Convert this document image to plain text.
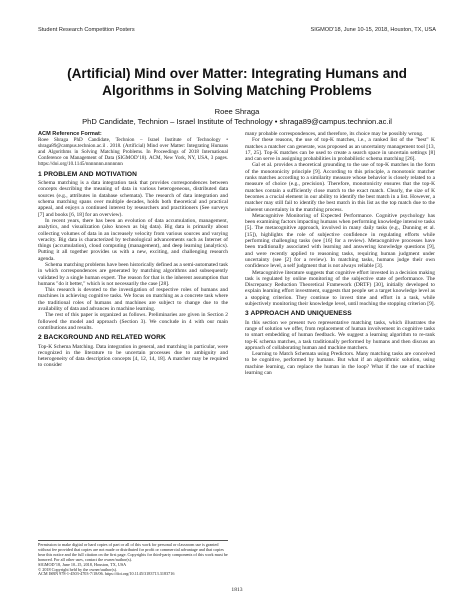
Student Research Competition Posters	SIGMOD’18, June 10-15, 2018, Houston, TX, USA
(Artificial) Mind over Matter: Integrating Humans and Algorithms in Solving Matching Problems
Roee Shraga
PhD Candidate, Technion – Israel Institute of Technology • shraga89@campus.technion.ac.il
ACM Reference Format:
Roee Shraga PhD Candidate, Technion – Israel Institute of Technology • shraga89@campus.technion.ac.il . 2018. (Artificial) Mind over Matter: Integrating Humans and Algorithms in Solving Matching Problems. In Proceedings of 2018 International Conference on Management of Data (SIGMOD’18). ACM, New York, NY, USA, 3 pages. https://doi.org/10.1145/nnnnnnn.nnnnnnn
1 PROBLEM AND MOTIVATION

Schema matching is a data integration task that provides correspondences between concepts describing the meaning of data in various heterogeneous, distributed data sources (e.g., attributes in database schemata). The research of data integration and schema matching spans over multiple decades, holds both theoretical and practical appeal, and enjoys a continued interest by researchers and practitioners (See surveys [7] and books [6, 18] for an overview).

In recent years, there has been an evolution of data accumulation, management, analytics, and visualization (also known as big data). Big data is primarily about collecting volumes of data in an increasely velocity from various sources and varying veracity. Big data is characterized by technological advancements such as Internet of things (accumulation), cloud computing (management), and deep learning (analytics). Putting it all together provides us with a new, exciting, and challenging research agenda.

Schema matching problems have been historically defined as a semi-automated task in which correspondences are generated by matching algorithms and subsequently validated by a single human expert. The reason for that is the inherent assumption that humans "do it better," which is not necessarily the case [28].

This research is devoted to the investigation of respective roles of humans and machines in achieving cognitive tasks. We focus on matching as a concrete task where the traditional roles of humans and machines are subject to change due to the availability of data and advances in machine learning.

The rest of this paper is organized as follows. Preliminaries are given in Section 2 followed the model and approach (Section 3). We conclude in 4 with our main contributions and results.

2 BACKGROUND AND RELATED WORK

Top-K Schema Matching. Data integration in general, and matching in particular, were recognized in the literature to be uncertain processes due to ambiguity and heterogeneity of data description concepts [4, 12, 14, 18]. A matcher may be required to consider

Permission to make digital or hard copies of part or all of this work for personal or classroom use is granted without fee provided that copies are not made or distributed for profit or commercial advantage and that copies bear this notice and the full citation on the first page. Copyrights for third-party components of this work must be honored. For all other uses, contact the owner/author(s).

SIGMOD’18, June 10–15, 2018, Houston, TX, USA

© 2018 Copyright held by the owner/author(s).

ACM ISBN 978-1-4503-4703-7/18/06. https://doi.org/10.1145/3183713.3183716

many probable correspondences, and therefore, its choice may be possibly wrong.

For these reasons, the use of top-K matches, i.e., a ranked list of the "best" K matches a matcher can generate, was proposed as an uncertainty management tool [13, 17, 25]. Top-K matches can be used to create a search space in uncertain settings [8] and can serve in assigning probabilities in probabilistic schema matching [26].

Gal et al. provides a theoretical grounding to the use of top-K matches in the form of the monotonicity principle [9]. According to this principle, a monotonic matcher ranks matches according to a similarity measure whose behavior is closely related to a measure of choice (e.g., precision). Therefore, monotonicity ensures that the top-K matches contain a sufficiently close match to the exact match. Clearly, the size of K becomes a crucial element in our ability to identify the best match in a list. However, a matcher may still fail to identify the best match in this list as the top match due to the inherent uncertainty in the matching process.

Metacognitive Monitoring of Expected Performance. Cognitive psychology has been examining factors impacting humans when performing knowledge intensive tasks [5]. The metacognitive approach, involved in many daily tasks (e.g., Dunning et al. [15]), highlights the role of subjective confidence in regulating efforts while performing challenging tasks (see [16] for a review). Metacognitive processes have been traditionally associated with learning and answering knowledge questions [9], and were recently applied to reasoning tasks, requiring human judgment under uncertainty (see [2] for a review). In matching tasks, humans judge their own confidence level, a self judgment that is not always reliable [3].

Metacognitive literature suggests that cognitive effort invested in a decision making task is regulated by online monitoring of the subjective state of performance. The Discrepancy Reduction Theoretical Framework (DRTF) [30], initially developed to explain learning effort investment, suggests that people set a target knowledge level as a stopping criterion. They continue to invest time and effort in a task, while subjectively monitoring their knowledge level, until reaching the stopping criterion [9].

3 APPROACH AND UNIQUENESS

In this section we present two representative matching tasks, which illustrates the range of solution we offer, from replacement of human involvement in cognitive tasks to smart embedding of human feedback. We suggest a learning algorithm to re-rank top-K schema matches, a task traditionally performed by humans and then discuss an approach of collaborating human and machine matchers.

Learning to Match Schemata using Predictors. Many matching tasks are conceived to be cognitive, performed by humans. But what if an algorithmic solution, using machine learning, can replace the human in the loop? What if the use of machine learning can

1813
